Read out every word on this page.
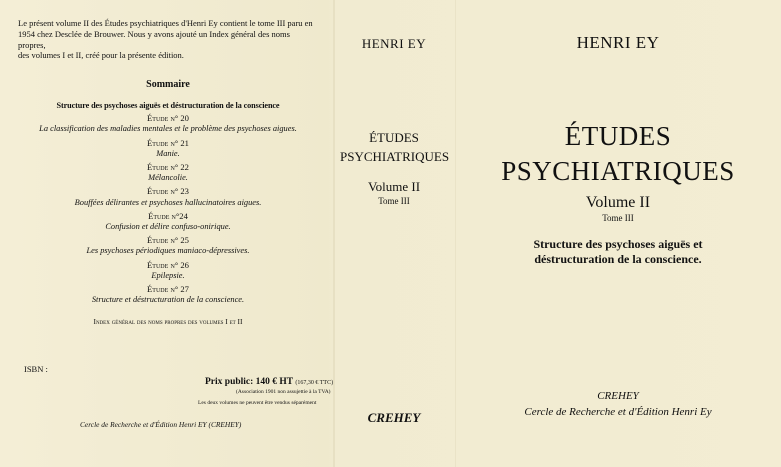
Le présent volume II des Études psychiatriques d'Henri Ey contient le tome III paru en
1954 chez Desclée de Brouwer. Nous y avons ajouté un Index général des noms propres,
des volumes I et II, créé pour la présente édition.

Sommaire
Structure des psychoses aiguës et déstructuration de la conscience
Étude n° 20
La classification des maladies mentales et le problème des psychoses aigues.
Étude n° 21
Manie.
Étude n° 22
Mélancolie.
Étude n° 23
Bouffées délirantes et psychoses hallucinatoires aigues.
Étude n°24
Confusion et délire confuso-onirique.
Étude n° 25
Les psychoses périodiques maniaco-dépressives.
Étude n° 26
Epilepsie.
Étude n° 27
Structure et déstructuration de la conscience.
Index général des noms propres des volumes I et II
ISBN :
Prix public: 140 € HT (167,30 € TTC)
(Association 1901 non assujettie à la TVA)
Les deux volumes ne peuvent être vendus séparément
Cercle de Recherche et d'Édition Henri EY (CREHEY)
HENRI EY
ÉTUDES
PSYCHIATRIQUES
Volume II
Tome III
CREHEY
HENRI EY
ÉTUDES
PSYCHIATRIQUES
Volume II
Tome III
Structure des psychoses aiguës et
déstructuration de la conscience.
CREHEY
Cercle de Recherche et d'Édition Henri Ey
